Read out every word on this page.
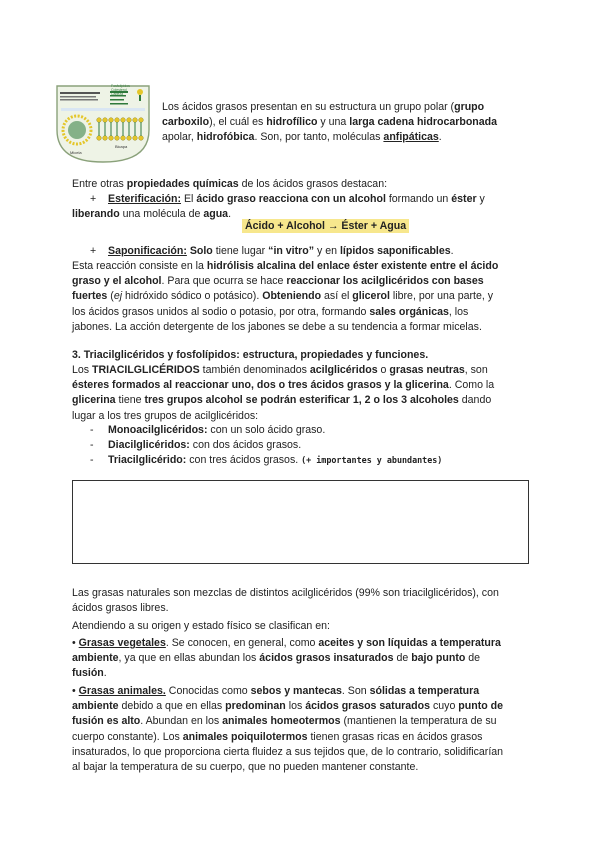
Fosfolípidos
Colesterol
Cabeza
Micela
Bicapa

Los ácidos grasos presentan en su estructura un grupo polar (grupo

carboxilo), el cuál es hidrofílico y una larga cadena hidrocarbonada

apolar, hidrofóbica. Son, por tanto, moléculas anfipáticas.

Entre otras propiedades químicas de los ácidos grasos destacan:

+ Esterificación: El ácido graso reacciona con un alcohol formando un éster y

liberando una molécula de agua.

Ácido + Alcohol → Éster + Agua
+ Saponificación: Solo tiene lugar “in vitro” y en lípidos saponificables.

Esta reacción consiste en la hidrólisis alcalina del enlace éster existente entre el ácido

graso y el alcohol. Para que ocurra se hace reaccionar los acilglicéridos con bases

fuertes (ej hidróxido sódico o potásico). Obteniendo así el glicerol libre, por una parte, y

los ácidos grasos unidos al sodio o potasio, por otra, formando sales orgánicas, los

jabones. La acción detergente de los jabones se debe a su tendencia a formar micelas.

3. Triacilglicéridos y fosfolípidos: estructura, propiedades y funciones.

Los TRIACILGLICÉRIDOS también denominados acilglicéridos o grasas neutras, son

ésteres formados al reaccionar uno, dos o tres ácidos grasos y la glicerina. Como la

glicerina tiene tres grupos alcohol se podrán esterificar 1, 2 o los 3 alcoholes dando

lugar a los tres grupos de acilglicéridos:

- Monoacilglicéridos: con un solo ácido graso.
- Diacilglicéridos: con dos ácidos grasos.
- Triacilglicérido: con tres ácidos grasos. (+ importantes y abundantes)

Las grasas naturales son mezclas de distintos acilglicéridos (99% son triacilglicéridos), con

ácidos grasos libres.

Atendiendo a su origen y estado físico se clasifican en:

• Grasas vegetales. Se conocen, en general, como aceites y son líquidas a temperatura

ambiente, ya que en ellas abundan los ácidos grasos insaturados de bajo punto de

fusión.

• Grasas animales. Conocidas como sebos y mantecas. Son sólidas a temperatura

ambiente debido a que en ellas predominan los ácidos grasos saturados cuyo punto de

fusión es alto. Abundan en los animales homeotermos (mantienen la temperatura de su

cuerpo constante). Los animales poiquilotermos tienen grasas ricas en ácidos grasos

insaturados, lo que proporciona cierta fluidez a sus tejidos que, de lo contrario, solidificarían

al bajar la temperatura de su cuerpo, que no pueden mantener constante.
